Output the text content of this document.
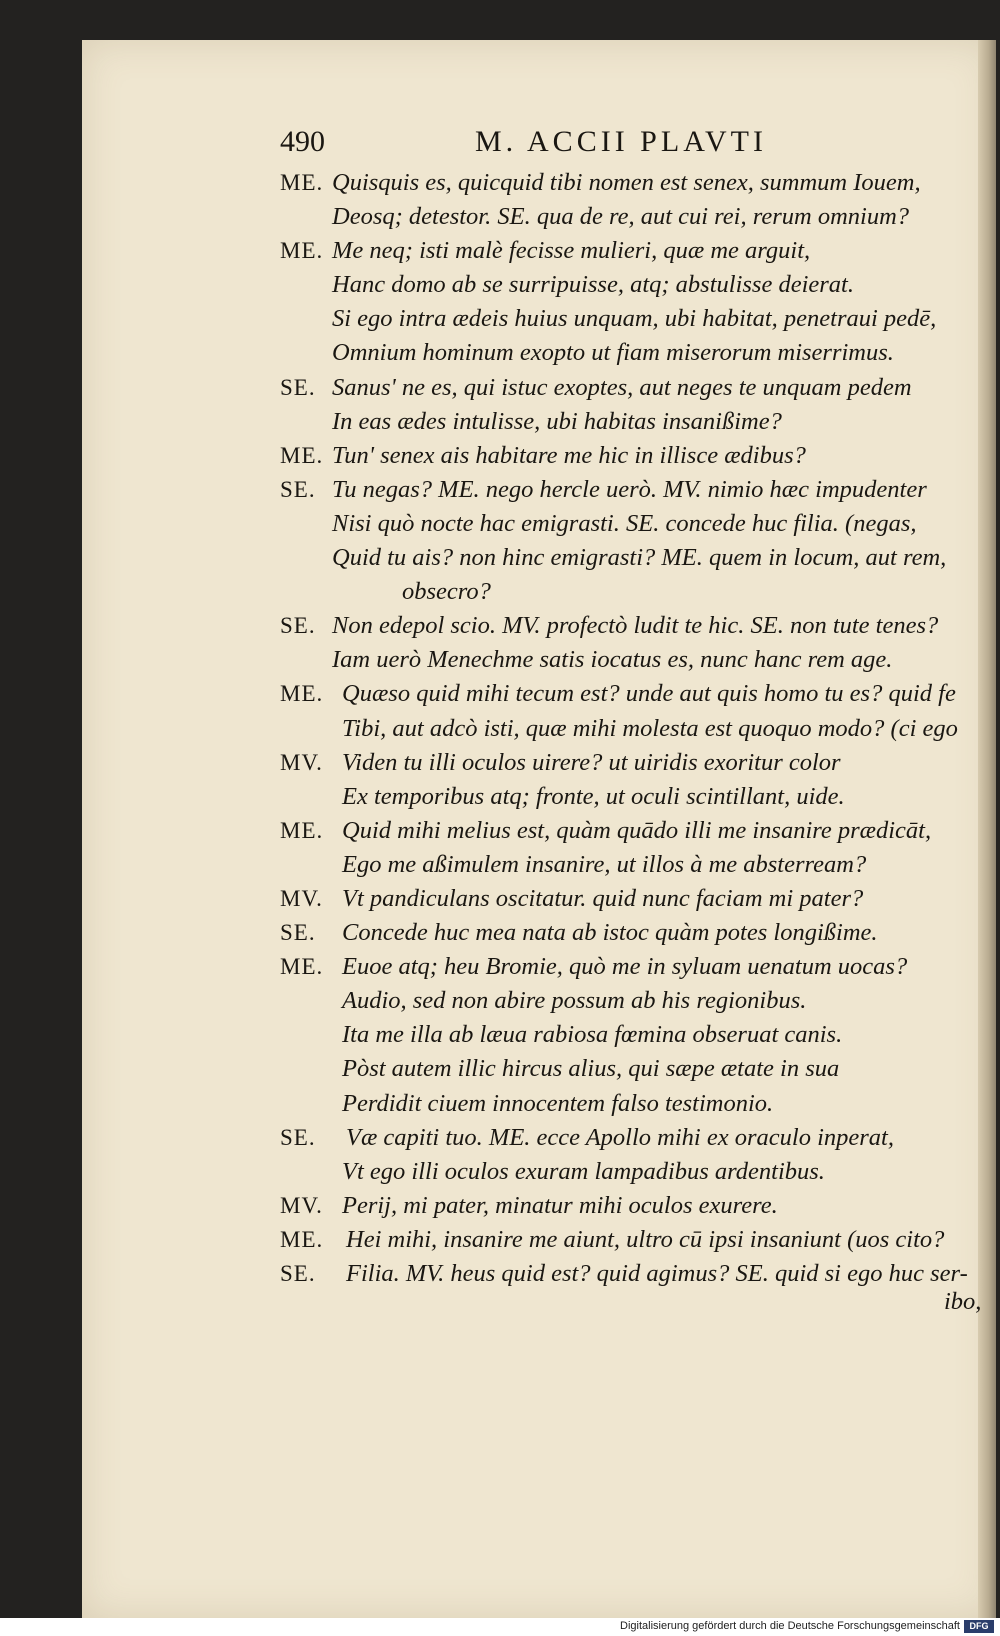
490	M. ACCII PLAVTI
ME. Quisquis es, quicquid tibi nomen est senex, summum Iouem,
Deosq; detestor. SE. qua de re, aut cui rei, rerum omnium?
ME. Me neq; isti malè fecisse mulieri, quæ me arguit,
Hanc domo ab se surripuisse, atq; abstulisse deierat.
Si ego intra ædeis huius unquam, ubi habitat, penetraui pedē,
Omnium hominum exopto ut fiam miserorum miserrimus.
SE. Sanus' ne es, qui istuc exoptes, aut neges te unquam pedem
In eas ædes intulisse, ubi habitas insanißime?
ME. Tun' senex ais habitare me hic in illisce ædibus?
SE. Tu negas? ME. nego hercle uerò. MV. nimio hæc impudenter
Nisi quò nocte hac emigrasti. SE. concede huc filia. (negas,
Quid tu ais? non hinc emigrasti? ME. quem in locum, aut rem,
obsecro?
SE. Non edepol scio. MV. profectò ludit te hic. SE. non tute tenes?
Iam uerò Menechme satis iocatus es, nunc hanc rem age.
ME. Quæso quid mihi tecum est? unde aut quis homo tu es? quid fe
Tibi, aut adcò isti, quæ mihi molesta est quoquo modo? (ci ego
MV. Viden tu illi oculos uirere? ut uiridis exoritur color
Ex temporibus atq; fronte, ut oculi scintillant, uide.
ME. Quid mihi melius est, quàm quādo illi me insanire prædicāt,
Ego me aßimulem insanire, ut illos à me absterream?
MV. Vt pandiculans oscitatur. quid nunc faciam mi pater?
SE.	Concede huc mea nata ab istoc quàm potes longißime.
ME. Euoe atq; heu Bromie, quò me in syluam uenatum uocas?
Audio, sed non abire possum ab his regionibus.
Ita me illa ab læua rabiosa fœmina obseruat canis.
Pòst autem illic hircus alius, qui sæpe ætate in sua
Perdidit ciuem innocentem falso testimonio.
SE.	Væ capiti tuo. ME. ecce Apollo mihi ex oraculo inperat,
Vt ego illi oculos exuram lampadibus ardentibus.
MV. Perij, mi pater, minatur mihi oculos exurere.
ME. Hei mihi, insanire me aiunt, ultro cū ipsi insaniunt (uos cito?
SE.	Filia. MV. heus quid est? quid agimus? SE. quid si ego huc ser-
ibo,
Digitalisierung gefördert durch die Deutsche Forschungsgemeinschaft	DFG
